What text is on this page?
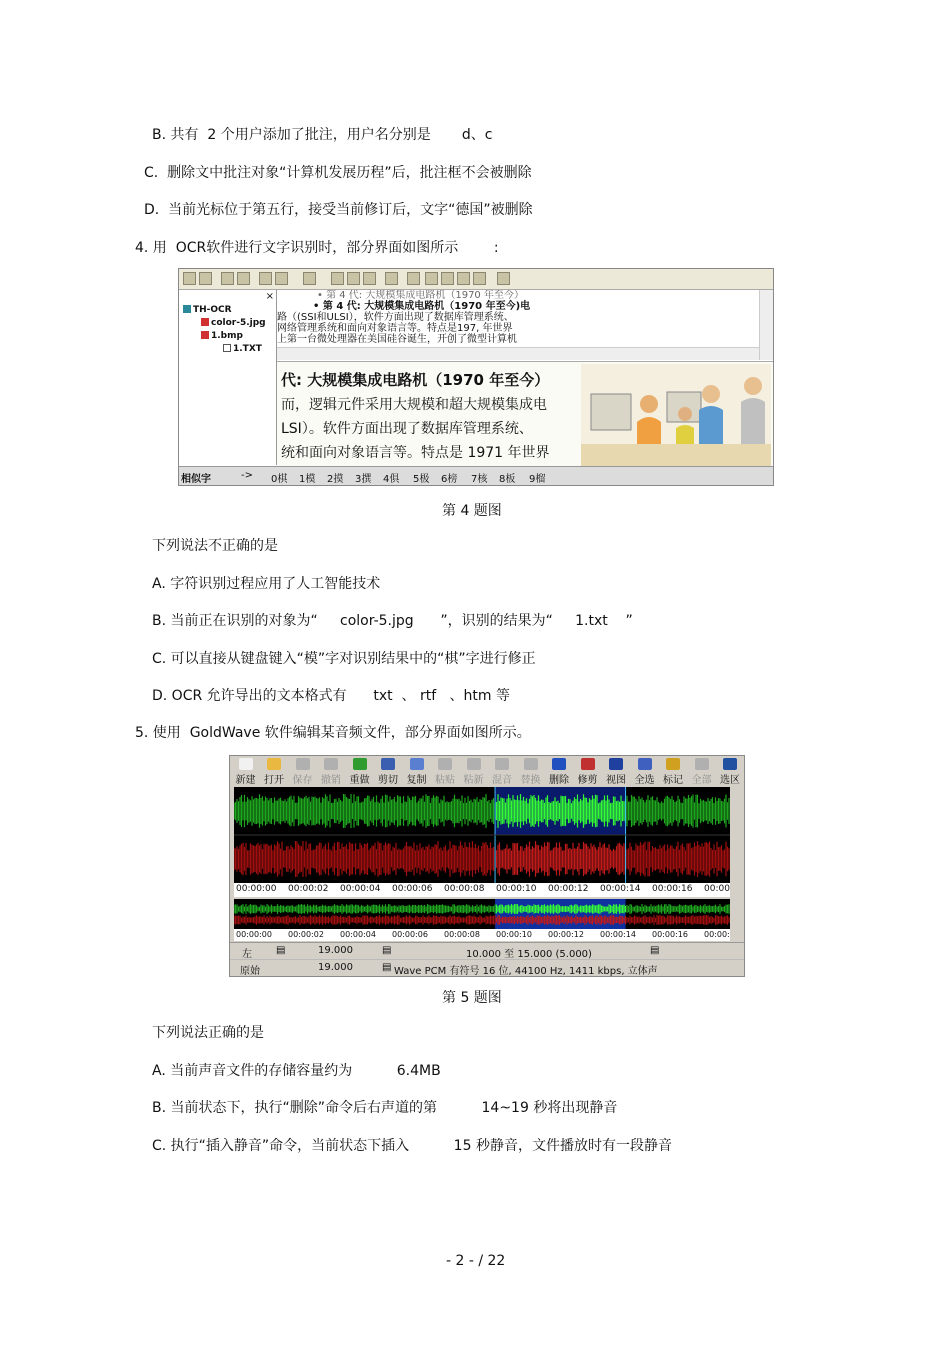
B. 共有  2 个用户添加了批注，用户名分别是       d、c
C.  删除文中批注对象“计算机发展历程”后，批注框不会被删除
D.  当前光标位于第五行，接受当前修订后，文字“德国”被删除
4. 用  OCR软件进行文字识别时，部分界面如图所示        :
×
TH-OCR
color-5.jpg
1.bmp
1.TXT
• 第 4 代: 大规模集成电路机（1970 年至今）
• 第 4 代: 大规模集成电路机（1970 年至今)电
路（(SSI和ULSI），软件方面出现了数据库管理系统、
网络管理系统和面向对象语言等。特点是197, 年世界
上第一台微处理器在美国硅谷诞生，开创了微型计算机
代: 大规模集成电路机（1970 年至今）
而，逻辑元件采用大规模和超大规模集成电
LSI）。软件方面出现了数据库管理系统、
统和面向对象语言等。特点是 1971 年世界
相似字	-> 0棋 1模 2摸 3撰 4俱 5极 6榜 7核 8板 9榴
第 4 题图
下列说法不正确的是
A. 字符识别过程应用了人工智能技术
B. 当前正在识别的对象为“     color-5.jpg      ”，识别的结果为“     1.txt    ”
C. 可以直接从键盘键入“模”字对识别结果中的“棋”字进行修正
D. OCR 允许导出的文本格式有      txt  、 rtf   、htm 等
5. 使用  GoldWave 软件编辑某音频文件，部分界面如图所示。
新建 打开 保存 撤销 重做 剪切 复制 粘贴 粘新 混音 替换 删除 修剪 视图 全选 标记 全部 选区
00:00:00 00:00:02 00:00:04 00:00:06 00:00:08 00:00:10 00:00:12 00:00:14 00:00:16 00:00
00:00:00 00:00:02 00:00:04 00:00:06 00:00:08 00:00:10 00:00:12 00:00:14 00:00:16 00:00:
左 ▤	19.000	▤	10.000 至 15.000 (5.000)	▤
原始	19.000	▤ Wave PCM 有符号 16 位, 44100 Hz, 1411 kbps, 立体声
第 5 题图
下列说法正确的是
A. 当前声音文件的存储容量约为          6.4MB
B. 当前状态下，执行“删除”命令后右声道的第          14~19 秒将出现静音
C. 执行“插入静音”命令，当前状态下插入          15 秒静音，文件播放时有一段静音
- 2 - / 22
